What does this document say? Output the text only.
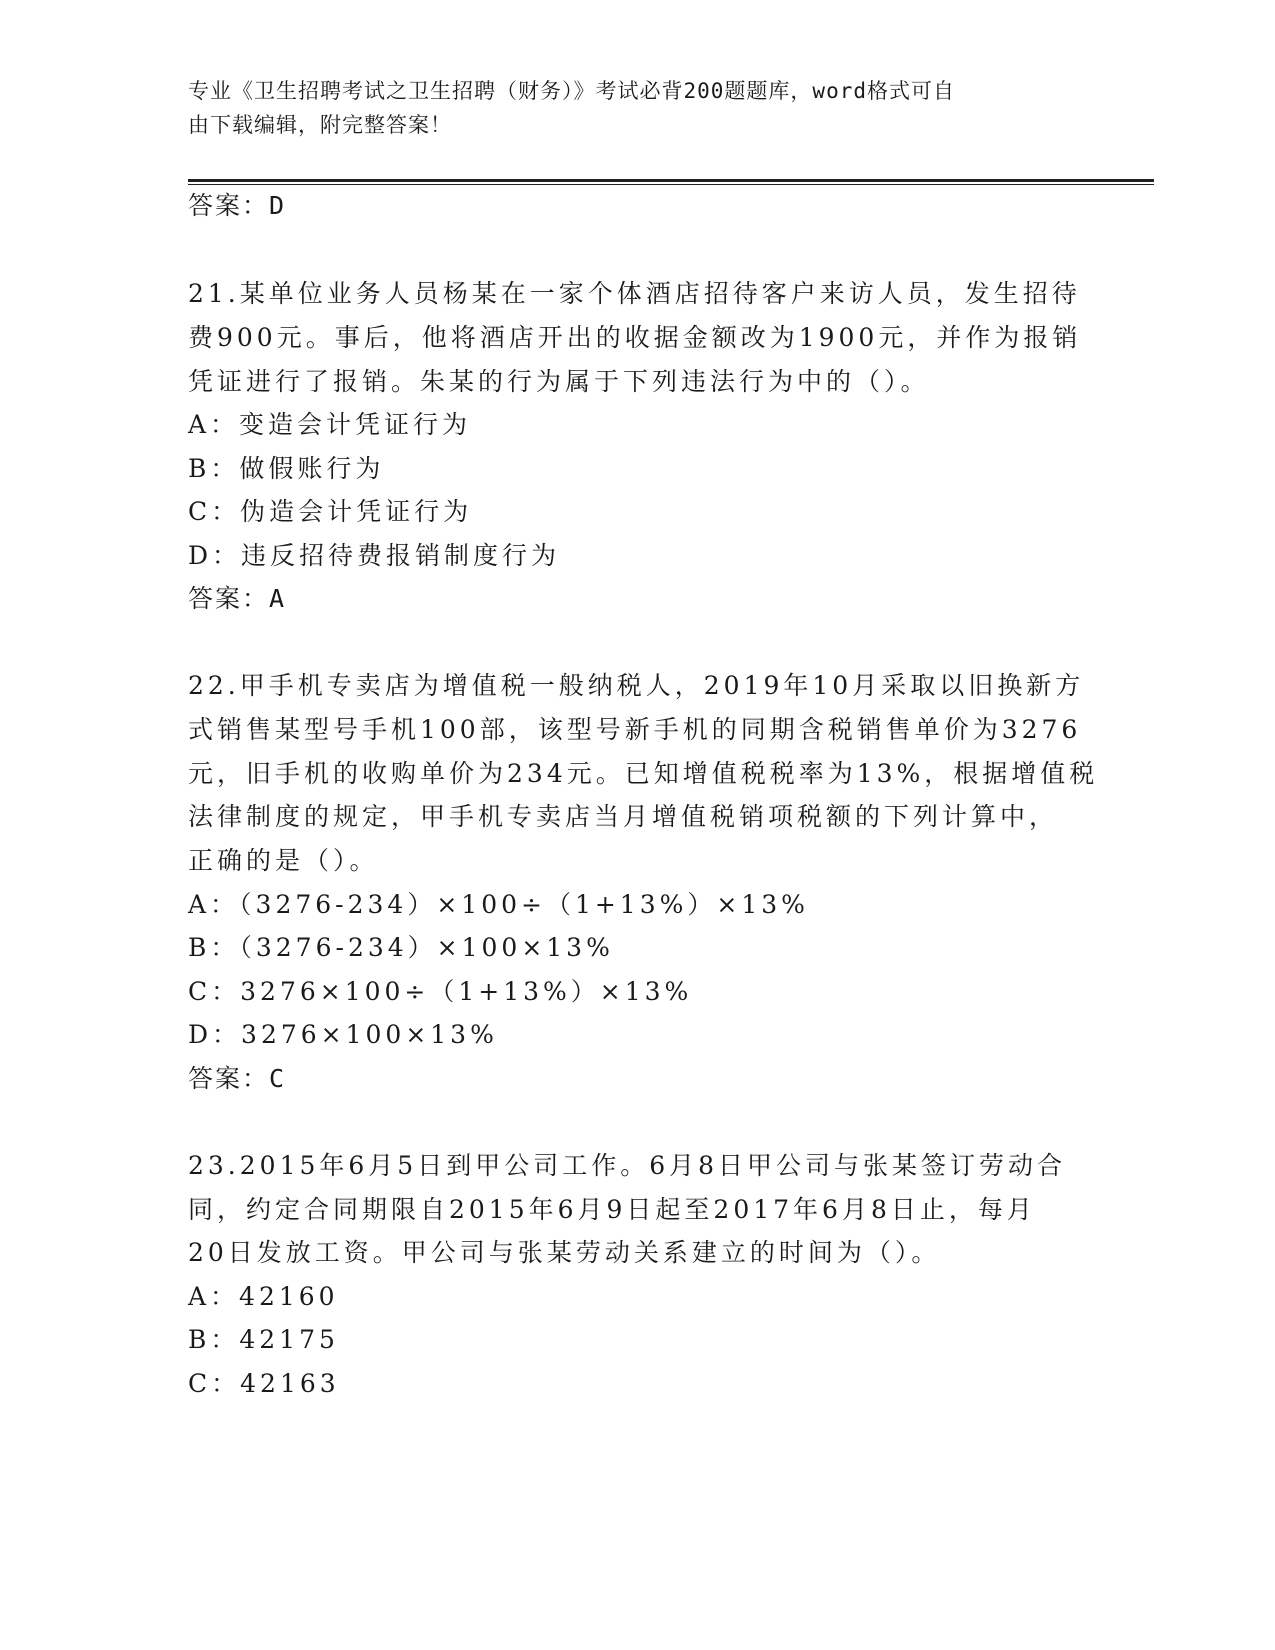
专业《卫生招聘考试之卫生招聘（财务）》考试必背200题题库，word格式可自
由下载编辑，附完整答案！
答案：D
21.某单位业务人员杨某在一家个体酒店招待客户来访人员，发生招待
费900元。事后，他将酒店开出的收据金额改为1900元，并作为报销
凭证进行了报销。朱某的行为属于下列违法行为中的（）。
A：变造会计凭证行为
B：做假账行为
C：伪造会计凭证行为
D：违反招待费报销制度行为
答案：A
22.甲手机专卖店为增值税一般纳税人，2019年10月采取以旧换新方
式销售某型号手机100部，该型号新手机的同期含税销售单价为3276
元，旧手机的收购单价为234元。已知增值税税率为13%，根据增值税
法律制度的规定，甲手机专卖店当月增值税销项税额的下列计算中，
正确的是（）。
A：（3276-234）×100÷（1+13%）×13%
B：（3276-234）×100×13%
C：3276×100÷（1+13%）×13%
D：3276×100×13%
答案：C
23.2015年6月5日到甲公司工作。6月8日甲公司与张某签订劳动合
同，约定合同期限自2015年6月9日起至2017年6月8日止，每月
20日发放工资。甲公司与张某劳动关系建立的时间为（）。
A：42160
B：42175
C：42163
